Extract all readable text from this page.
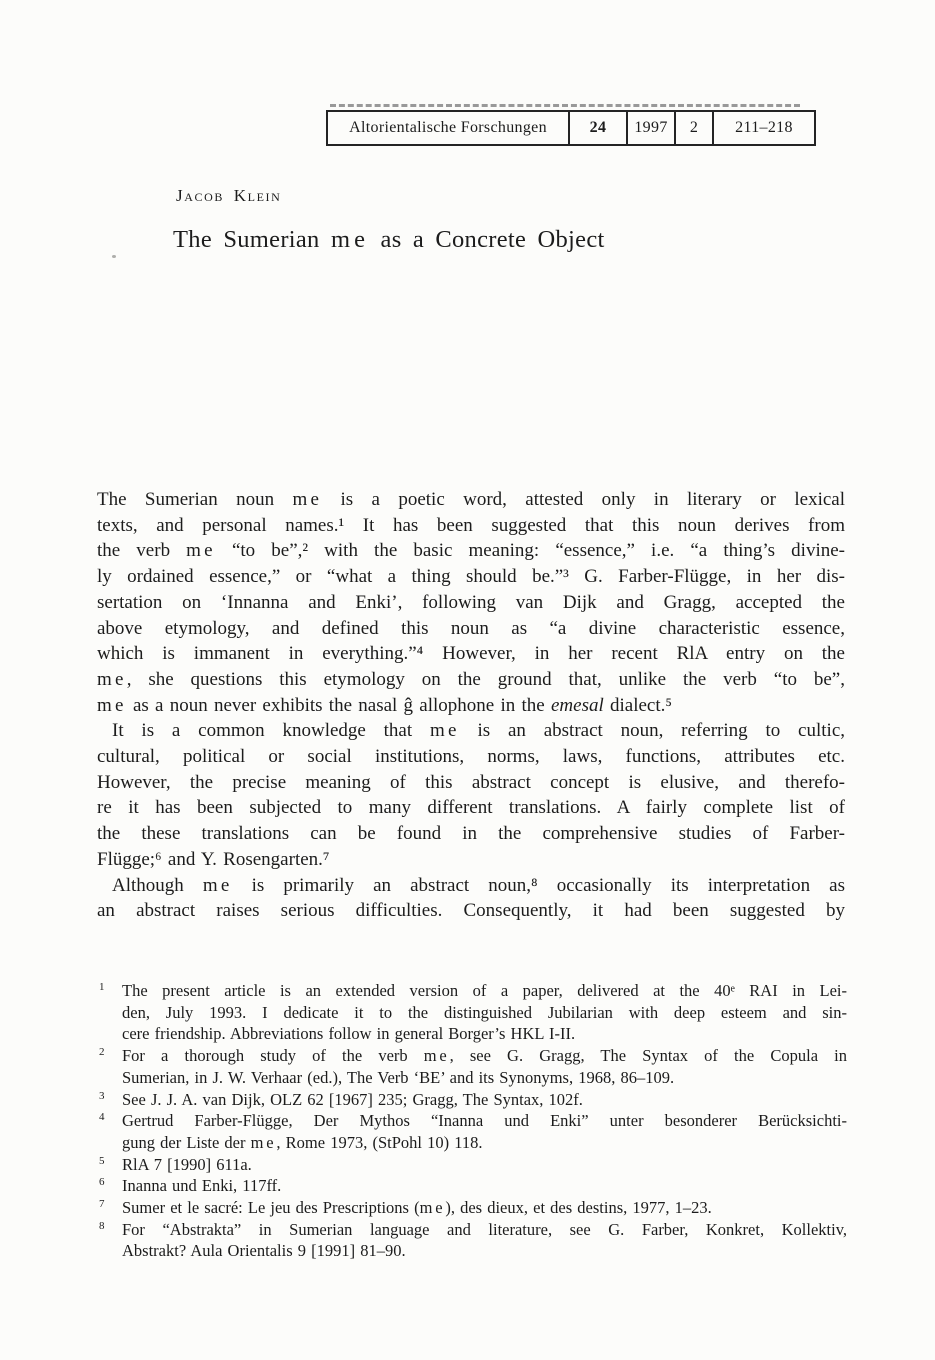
Altorientalische Forschungen	24	1997	2	211–218
Jacob Klein
The Sumerian me as a Concrete Object
The Sumerian noun me is a poetic word, attested only in literary or lexical
texts, and personal names.¹ It has been suggested that this noun derives from
the verb me “to be”,² with the basic meaning: “essence,” i.e. “a thing’s divine-
ly ordained essence,” or “what a thing should be.”³ G. Farber-Flügge, in her dis-
sertation on ‘Innanna and Enki’, following van Dijk and Gragg, accepted the
above etymology, and defined this noun as “a divine characteristic essence,
which is immanent in everything.”⁴ However, in her recent RlA entry on the
me, she questions this etymology on the ground that, unlike the verb “to be”,
me as a noun never exhibits the nasal ĝ allophone in the emesal dialect.⁵
It is a common knowledge that me is an abstract noun, referring to cultic,
cultural, political or social institutions, norms, laws, functions, attributes etc.
However, the precise meaning of this abstract concept is elusive, and therefo-
re it has been subjected to many different translations. A fairly complete list of
the these translations can be found in the comprehensive studies of Farber-
Flügge;⁶ and Y. Rosengarten.⁷
Although me is primarily an abstract noun,⁸ occasionally its interpretation as
an abstract raises serious difficulties. Consequently, it had been suggested by
1 The present article is an extended version of a paper, delivered at the 40ᵉ RAI in Lei-
den, July 1993. I dedicate it to the distinguished Jubilarian with deep esteem and sin-
cere friendship. Abbreviations follow in general Borger’s HKL I-II.
2 For a thorough study of the verb me, see G. Gragg, The Syntax of the Copula in
Sumerian, in J. W. Verhaar (ed.), The Verb ‘BE’ and its Synonyms, 1968, 86–109.
3 See J. J. A. van Dijk, OLZ 62 [1967] 235; Gragg, The Syntax, 102f.
4 Gertrud Farber-Flügge, Der Mythos “Inanna und Enki” unter besonderer Berücksichti-
gung der Liste der me, Rome 1973, (StPohl 10) 118.
5 RlA 7 [1990] 611a.
6 Inanna und Enki, 117ff.
7 Sumer et le sacré: Le jeu des Prescriptions (me), des dieux, et des destins, 1977, 1–23.
8 For “Abstrakta” in Sumerian language and literature, see G. Farber, Konkret, Kollektiv,
Abstrakt? Aula Orientalis 9 [1991] 81–90.
